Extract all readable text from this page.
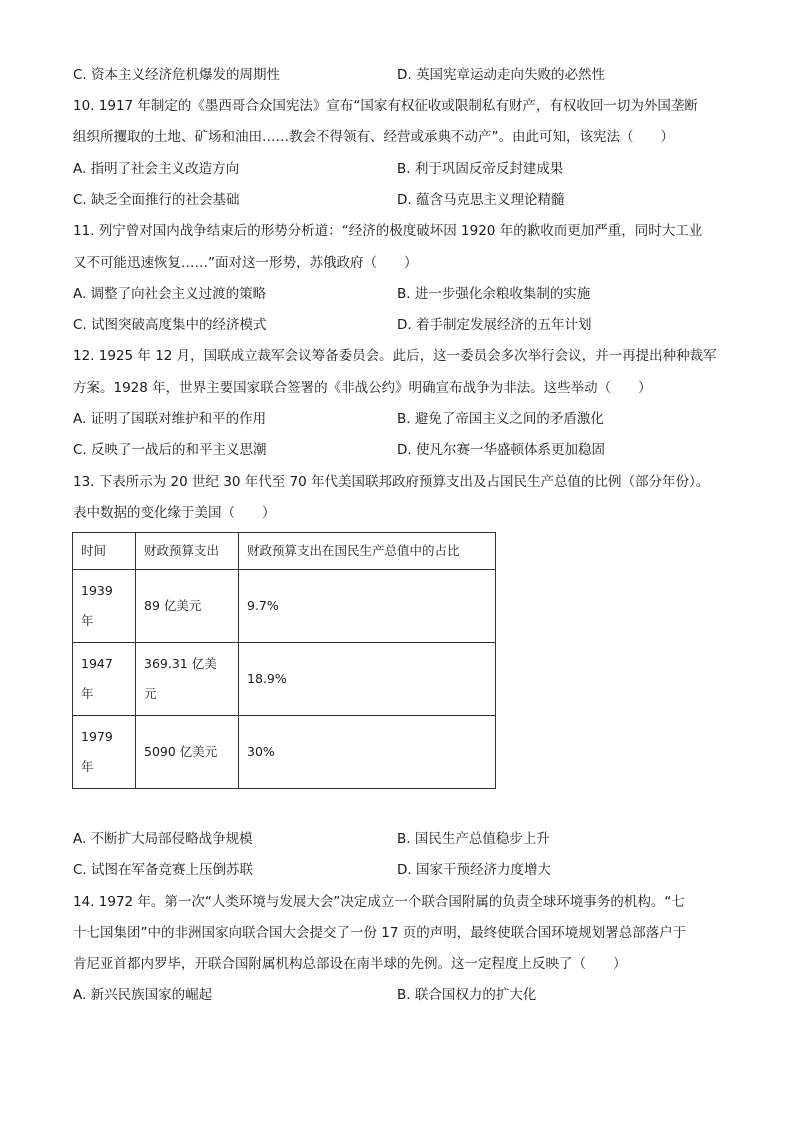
C. 资本主义经济危机爆发的周期性	D. 英国宪章运动走向失败的必然性
10. 1917 年制定的《墨西哥合众国宪法》宣布“国家有权征收或限制私有财产，有权收回一切为外国垄断
组织所攫取的土地、矿场和油田……教会不得领有、经营或承典不动产”。由此可知，该宪法（　　）
A. 指明了社会主义改造方向	B. 利于巩固反帝反封建成果
C. 缺乏全面推行的社会基础	D. 蕴含马克思主义理论精髓
11. 列宁曾对国内战争结束后的形势分析道：“经济的极度破坏因 1920 年的歉收而更加严重，同时大工业
又不可能迅速恢复……”面对这一形势，苏俄政府（　　）
A. 调整了向社会主义过渡的策略	B. 进一步强化余粮收集制的实施
C. 试图突破高度集中的经济模式	D. 着手制定发展经济的五年计划
12. 1925 年 12 月，国联成立裁军会议筹备委员会。此后，这一委员会多次举行会议，并一再提出种种裁军
方案。1928 年，世界主要国家联合签署的《非战公约》明确宣布战争为非法。这些举动（　　）
A. 证明了国联对维护和平的作用	B. 避免了帝国主义之间的矛盾激化
C. 反映了一战后的和平主义思潮	D. 使凡尔赛一华盛顿体系更加稳固
13. 下表所示为 20 世纪 30 年代至 70 年代美国联邦政府预算支出及占国民生产总值的比例（部分年份）。
表中数据的变化缘于美国（　　）
时间	财政预算支出	财政预算支出在国民生产总值中的占比

1939年	89 亿美元	9.7%

1947年	369.31 亿美元	18.9%

1979年	5090 亿美元	30%
A. 不断扩大局部侵略战争规模	B. 国民生产总值稳步上升
C. 试图在军备竞赛上压倒苏联	D. 国家干预经济力度增大
14. 1972 年。第一次“人类环境与发展大会”决定成立一个联合国附属的负责全球环境事务的机构。“七
十七国集团”中的非洲国家向联合国大会提交了一份 17 页的声明，最终使联合国环境规划署总部落户于
肯尼亚首都内罗毕，开联合国附属机构总部设在南半球的先例。这一定程度上反映了（　　）
A. 新兴民族国家的崛起	B. 联合国权力的扩大化
